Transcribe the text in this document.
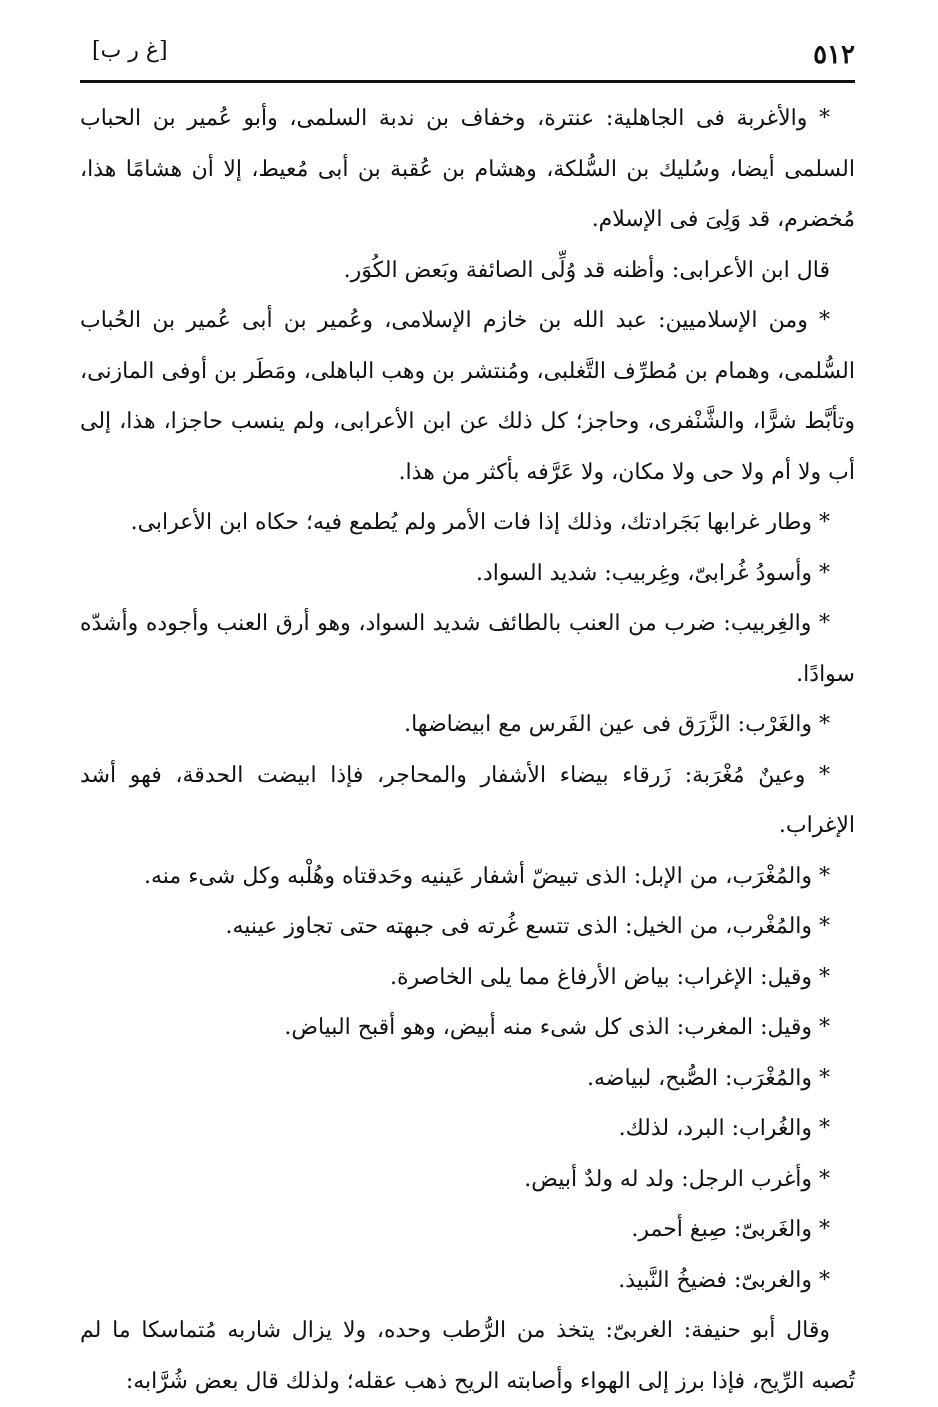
٥١٢
[غ ر ب]

* والأغربة فى الجاهلية: عنترة، وخفاف بن ندبة السلمى، وأبو عُمير بن الحباب السلمى أيضا، وسُليك بن السُّلكة، وهشام بن عُقبة بن أبى مُعيط، إلا أن هشامًا هذا، مُخضرم، قد وَلِىَ فى الإسلام.

قال ابن الأعرابى: وأظنه قد وُلِّى الصائفة وبَعض الكُوَر.

* ومن الإسلاميين: عبد الله بن خازم الإسلامى، وعُمير بن أبى عُمير بن الحُباب السُّلمى، وهمام بن مُطرِّف التَّغلبى، ومُنتشر بن وهب الباهلى، ومَطَر بن أوفى المازنى، وتأبَّط شرًّا، والشَّنْفرى، وحاجز؛ كل ذلك عن ابن الأعرابى، ولم ينسب حاجزا، هذا، إلى أب ولا أم ولا حى ولا مكان، ولا عَرَّفه بأكثر من هذا.

* وطار غرابها بَجَرادتك، وذلك إذا فات الأمر ولم يُطمع فيه؛ حكاه ابن الأعرابى.

* وأسودُ غُرابىّ، وغِربيب: شديد السواد.

* والغِربيب: ضرب من العنب بالطائف شديد السواد، وهو أرق العنب وأجوده وأشدّه سوادًا.

* والغَرْب: الزَّرَق فى عين الفَرس مع ابيضاضها.

* وعينٌ مُغْرَبة: زَرقاء بيضاء الأشفار والمحاجر، فإذا ابيضت الحدقة، فهو أشد الإغراب.

* والمُغْرَب، من الإبل: الذى تبيضّ أشفار عَينيه وحَدقتاه وهُلْبه وكل شىء منه.

* والمُغْرب، من الخيل: الذى تتسع غُرته فى جبهته حتى تجاوز عينيه.

* وقيل: الإغراب: بياض الأرفاغ مما يلى الخاصرة.

* وقيل: المغرب: الذى كل شىء منه أبيض، وهو أقبح البياض.

* والمُغْرَب: الصُّبح، لبياضه.

* والغُراب: البرد، لذلك.

* وأغرب الرجل: ولد له ولدٌ أبيض.

* والغَربىّ: صِبغ أحمر.

* والغربىّ: فضيخُ النَّبيذ.

وقال أبو حنيفة: الغربىّ: يتخذ من الرُّطب وحده، ولا يزال شاربه مُتماسكا ما لم تُصبه الرِّيح، فإذا برز إلى الهواء وأصابته الريح ذهب عقله؛ ولذلك قال بعض شُرَّابه:
